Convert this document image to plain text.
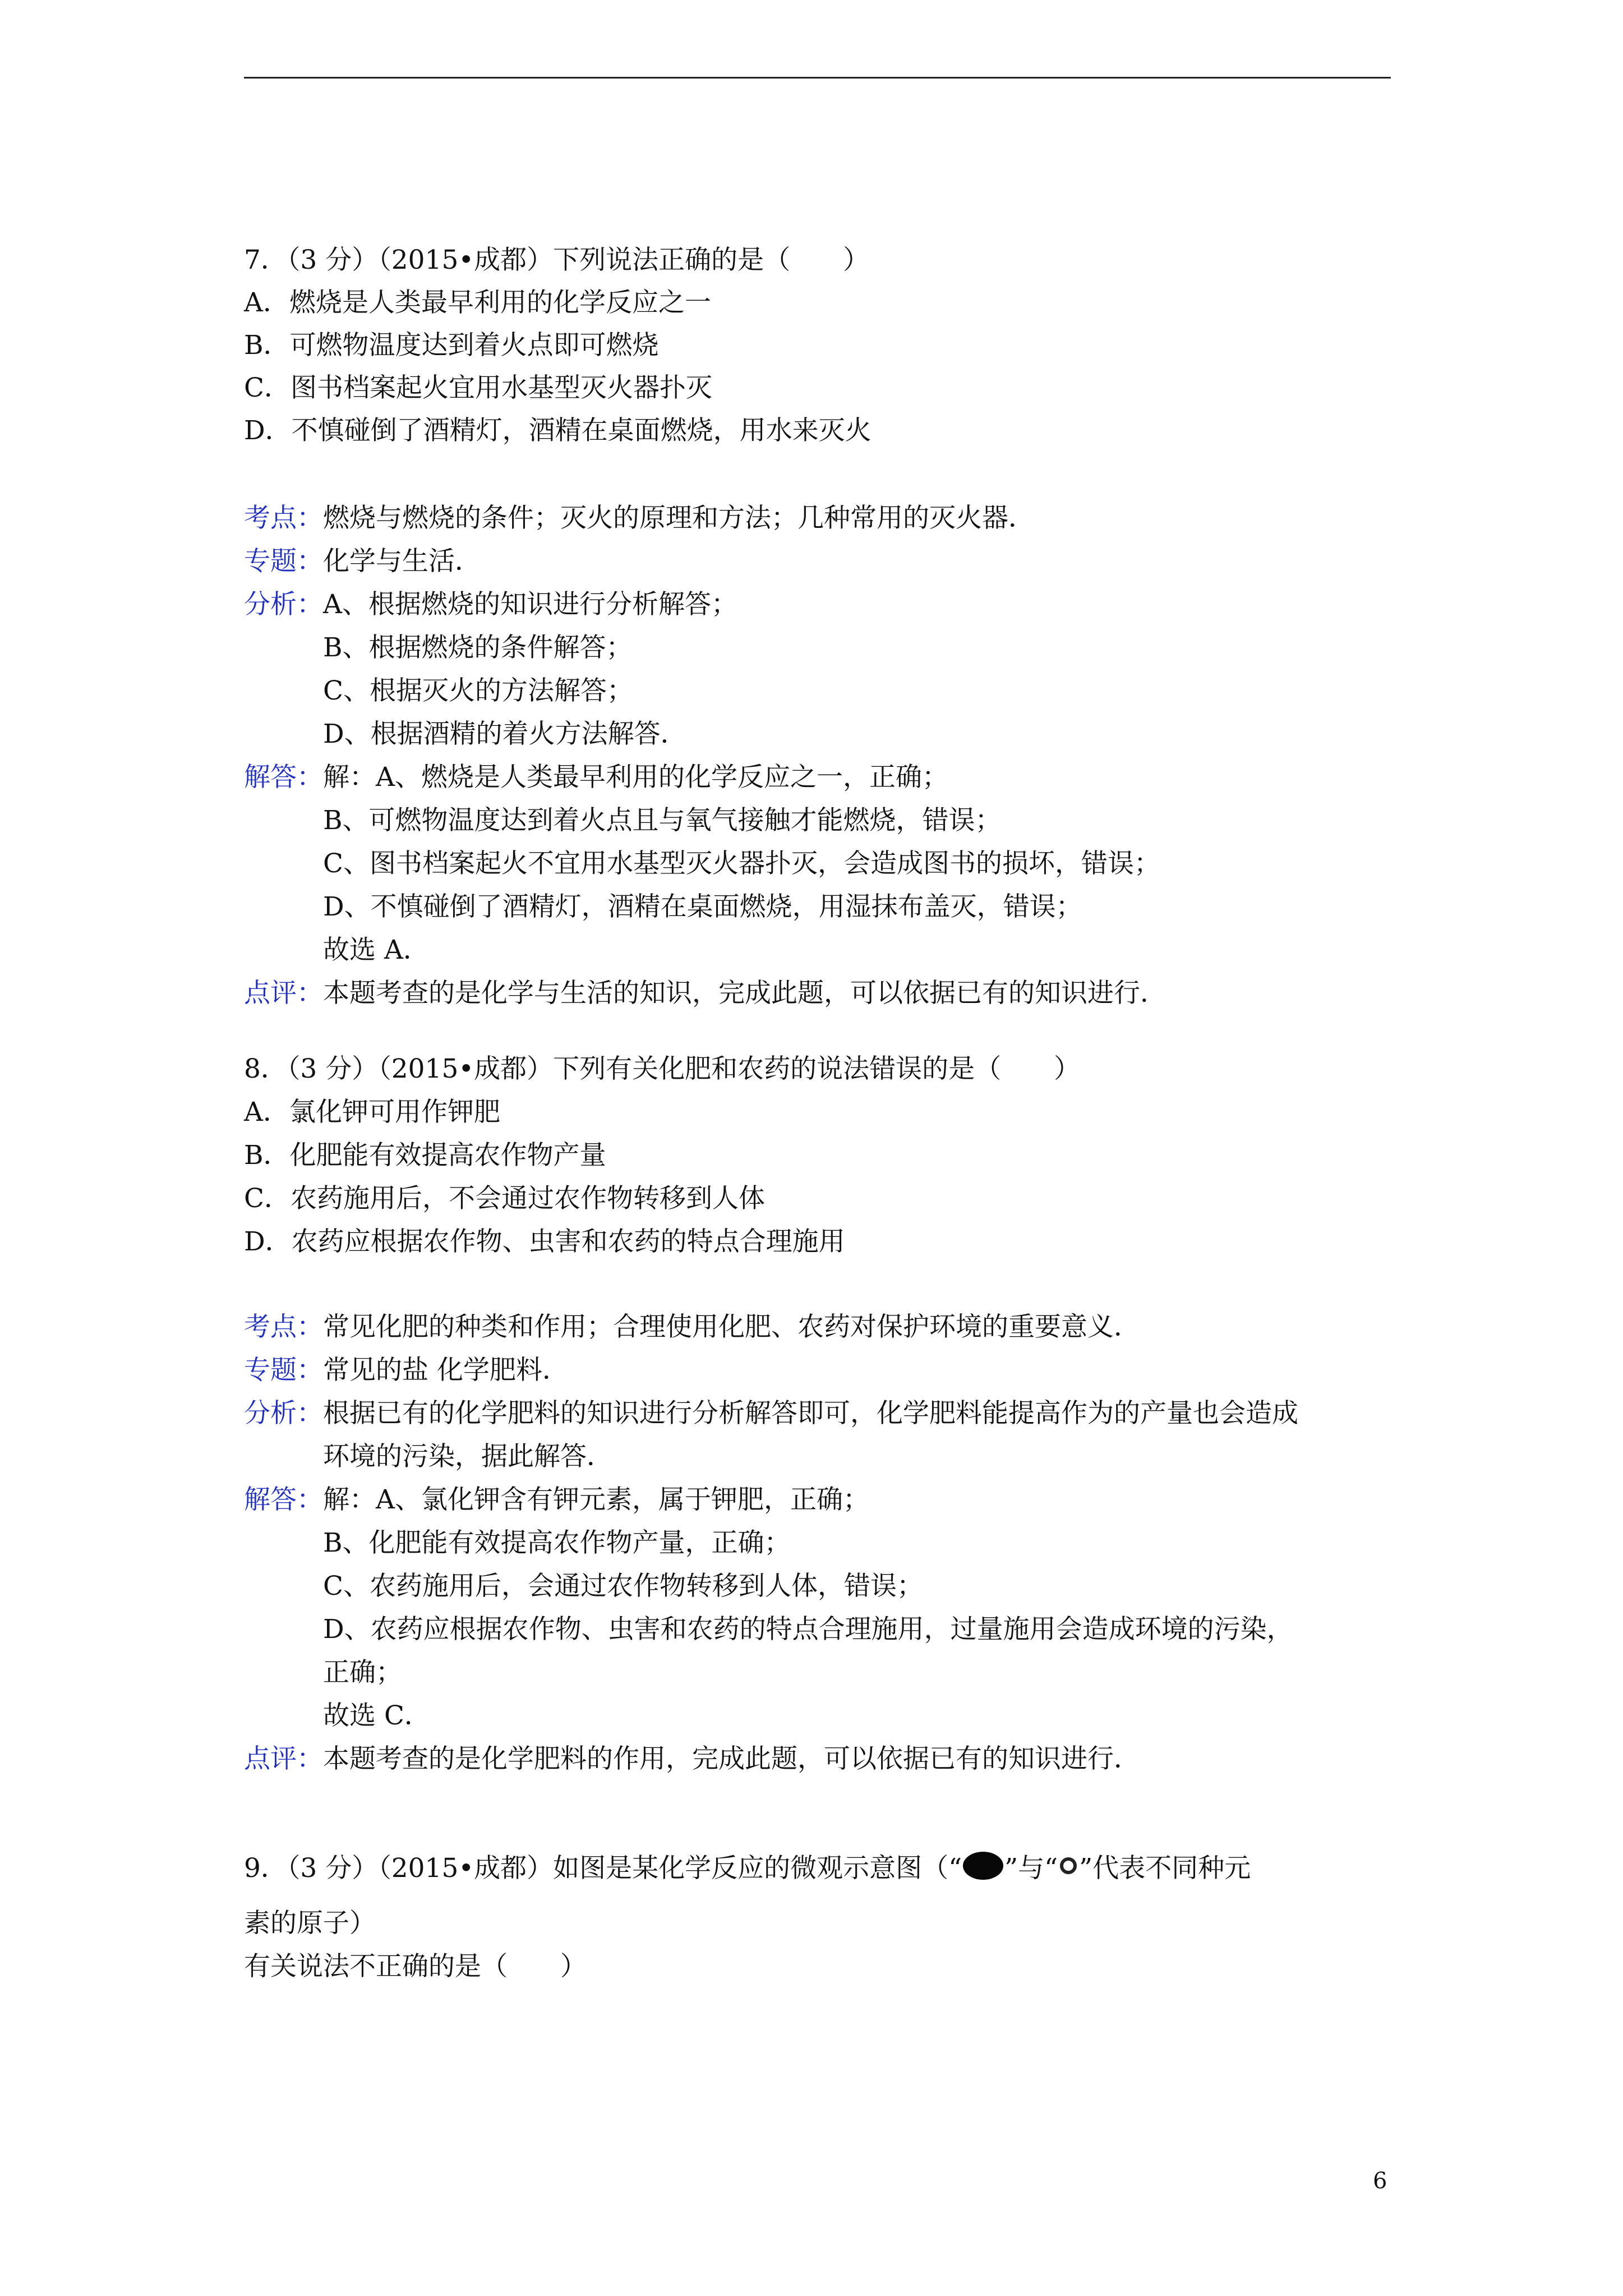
7．（3 分）（2015•成都）下列说法正确的是（　　）
A．燃烧是人类最早利用的化学反应之一
B．可燃物温度达到着火点即可燃烧
C．图书档案起火宜用水基型灭火器扑灭
D．不慎碰倒了酒精灯，酒精在桌面燃烧，用水来灭火
考点：燃烧与燃烧的条件；灭火的原理和方法；几种常用的灭火器．
专题：化学与生活．
分析：A、根据燃烧的知识进行分析解答；
B、根据燃烧的条件解答；
C、根据灭火的方法解答；
D、根据酒精的着火方法解答．
解答：解：A、燃烧是人类最早利用的化学反应之一，正确；
B、可燃物温度达到着火点且与氧气接触才能燃烧，错误；
C、图书档案起火不宜用水基型灭火器扑灭，会造成图书的损坏，错误；
D、不慎碰倒了酒精灯，酒精在桌面燃烧，用湿抹布盖灭，错误；
故选 A．
点评：本题考查的是化学与生活的知识，完成此题，可以依据已有的知识进行．
8．（3 分）（2015•成都）下列有关化肥和农药的说法错误的是（　　）
A．氯化钾可用作钾肥
B．化肥能有效提高农作物产量
C．农药施用后，不会通过农作物转移到人体
D．农药应根据农作物、虫害和农药的特点合理施用
考点：常见化肥的种类和作用；合理使用化肥、农药对保护环境的重要意义．
专题：常见的盐 化学肥料．
分析：根据已有的化学肥料的知识进行分析解答即可，化学肥料能提高作为的产量也会造成
环境的污染，据此解答．
解答：解：A、氯化钾含有钾元素，属于钾肥，正确；
B、化肥能有效提高农作物产量，正确；
C、农药施用后，会通过农作物转移到人体，错误；
D、农药应根据农作物、虫害和农药的特点合理施用，过量施用会造成环境的污染，
正确；
故选 C．
点评：本题考查的是化学肥料的作用，完成此题，可以依据已有的知识进行．
9．（3 分）（2015•成都）如图是某化学反应的微观示意图（“ ”与“ ”代表不同种元
素的原子）
有关说法不正确的是（　　）
6
